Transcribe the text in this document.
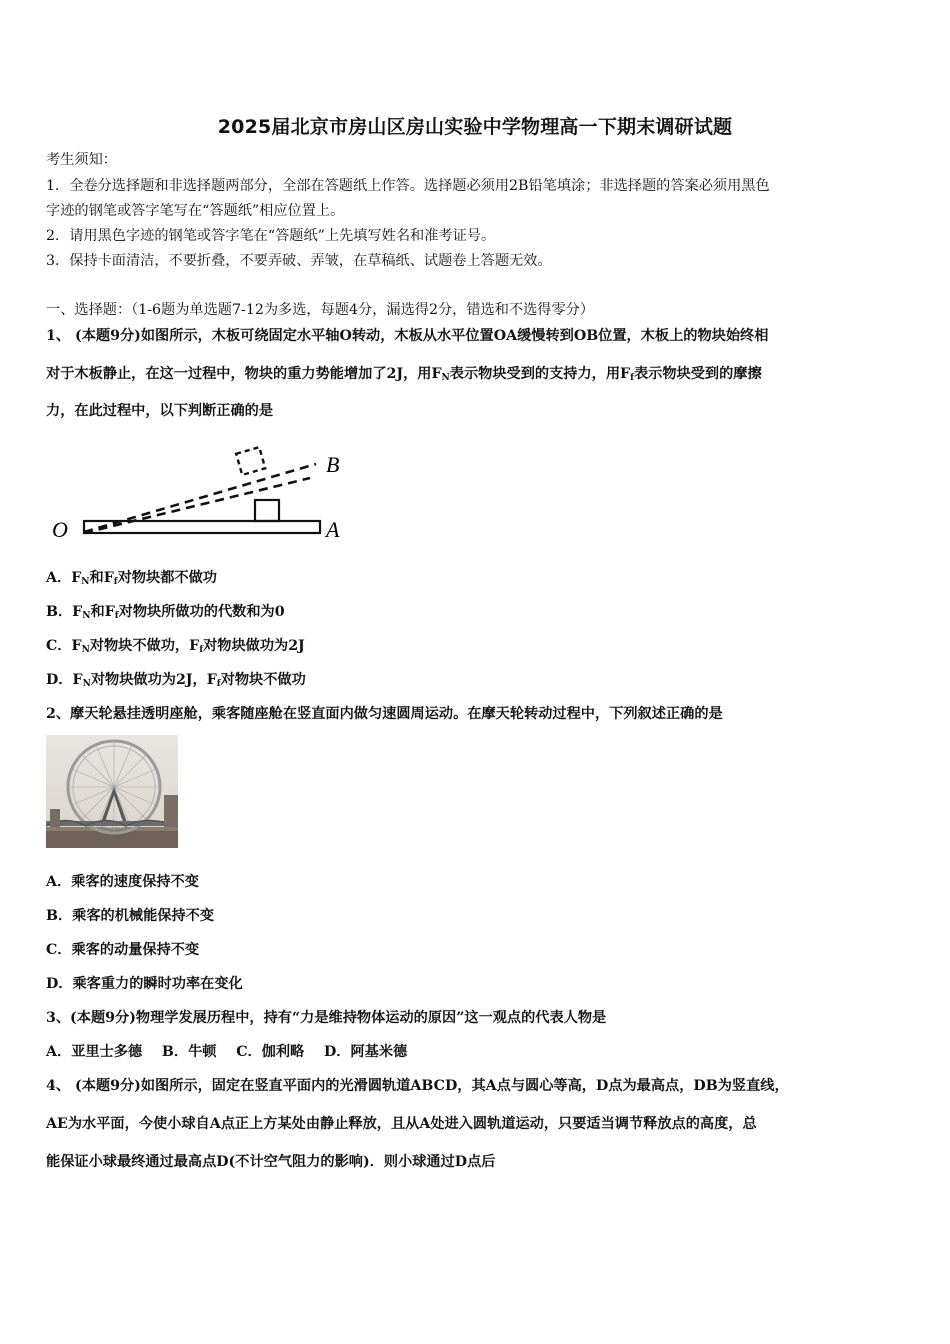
2025届北京市房山区房山实验中学物理高一下期末调研试题
考生须知：
1．全卷分选择题和非选择题两部分，全部在答题纸上作答。选择题必须用2B铅笔填涂；非选择题的答案必须用黑色
字迹的钢笔或答字笔写在“答题纸”相应位置上。
2．请用黑色字迹的钢笔或答字笔在“答题纸”上先填写姓名和准考证号。
3．保持卡面清洁，不要折叠，不要弄破、弄皱，在草稿纸、试题卷上答题无效。
一、选择题：（1-6题为单选题7-12为多选，每题4分，漏选得2分，错选和不选得零分）
1、 (本题9分)如图所示，木板可绕固定水平轴O转动，木板从水平位置OA缓慢转到OB位置，木板上的物块始终相
对于木板静止，在这一过程中，物块的重力势能增加了2J，用$F_N$表示物块受到的支持力，用$F_f$表示物块受到的摩擦
力，在此过程中，以下判断正确的是
O	A
B
A．$F_N$和$F_f$对物块都不做功
B．$F_N$和$F_f$对物块所做功的代数和为0
C．$F_N$对物块不做功，$F_f$对物块做功为2J
D．$F_N$对物块做功为2J，$F_f$对物块不做功
2、摩天轮悬挂透明座舱，乘客随座舱在竖直面内做匀速圆周运动。在摩天轮转动过程中，下列叙述正确的是
A．乘客的速度保持不变
B．乘客的机械能保持不变
C．乘客的动量保持不变
D．乘客重力的瞬时功率在变化
3、(本题9分)物理学发展历程中，持有“力是维持物体运动的原因”这一观点的代表人物是
A．亚里士多德    B．牛顿    C．伽利略    D．阿基米德
4、 (本题9分)如图所示，固定在竖直平面内的光滑圆轨道ABCD，其A点与圆心等高，D点为最高点，DB为竖直线，
AE为水平面，今使小球自A点正上方某处由静止释放，且从A处进入圆轨道运动，只要适当调节释放点的高度，总
能保证小球最终通过最高点D(不计空气阻力的影响)．则小球通过D点后
